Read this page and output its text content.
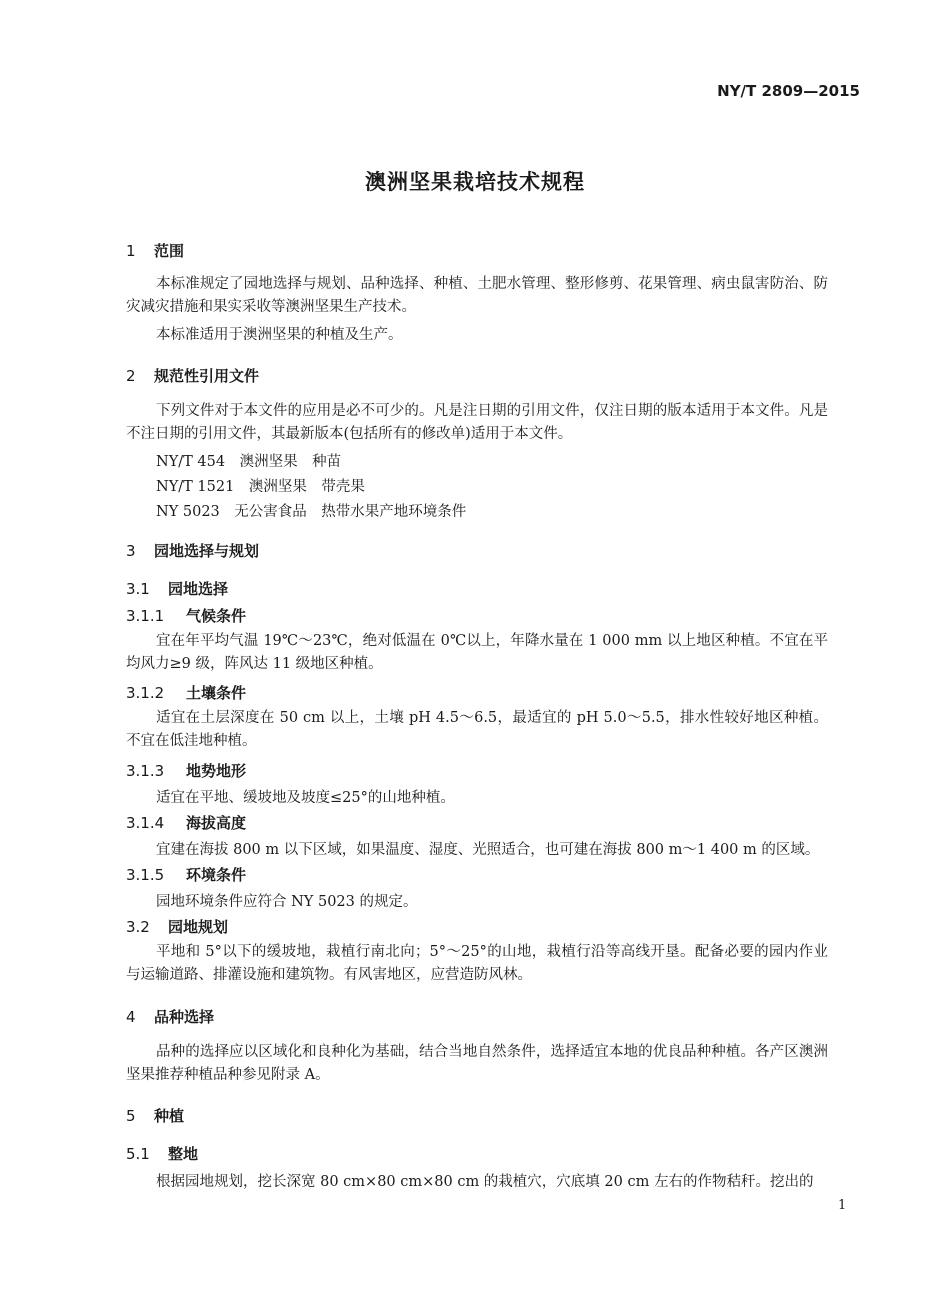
NY/T 2809—2015
澳洲坚果栽培技术规程
1 范围
本标准规定了园地选择与规划、品种选择、种植、土肥水管理、整形修剪、花果管理、病虫鼠害防治、防灾减灾措施和果实采收等澳洲坚果生产技术。
本标准适用于澳洲坚果的种植及生产。
2 规范性引用文件
下列文件对于本文件的应用是必不可少的。凡是注日期的引用文件，仅注日期的版本适用于本文件。凡是不注日期的引用文件，其最新版本(包括所有的修改单)适用于本文件。
NY/T 454　澳洲坚果　种苗
NY/T 1521　澳洲坚果　带壳果
NY 5023　无公害食品　热带水果产地环境条件
3 园地选择与规划
3.1 园地选择
3.1.1 气候条件
宜在年平均气温 19℃～23℃，绝对低温在 0℃以上，年降水量在 1 000 mm 以上地区种植。不宜在平均风力≥9 级，阵风达 11 级地区种植。
3.1.2 土壤条件
适宜在土层深度在 50 cm 以上，土壤 pH 4.5～6.5，最适宜的 pH 5.0～5.5，排水性较好地区种植。不宜在低洼地种植。
3.1.3 地势地形
适宜在平地、缓坡地及坡度≤25°的山地种植。
3.1.4 海拔高度
宜建在海拔 800 m 以下区域，如果温度、湿度、光照适合，也可建在海拔 800 m～1 400 m 的区域。
3.1.5 环境条件
园地环境条件应符合 NY 5023 的规定。
3.2 园地规划
平地和 5°以下的缓坡地，栽植行南北向；5°～25°的山地，栽植行沿等高线开垦。配备必要的园内作业与运输道路、排灌设施和建筑物。有风害地区，应营造防风林。
4 品种选择
品种的选择应以区域化和良种化为基础，结合当地自然条件，选择适宜本地的优良品种种植。各产区澳洲坚果推荐种植品种参见附录 A。
5 种植
5.1 整地
根据园地规划，挖长深宽 80 cm×80 cm×80 cm 的栽植穴，穴底填 20 cm 左右的作物秸秆。挖出的
1
